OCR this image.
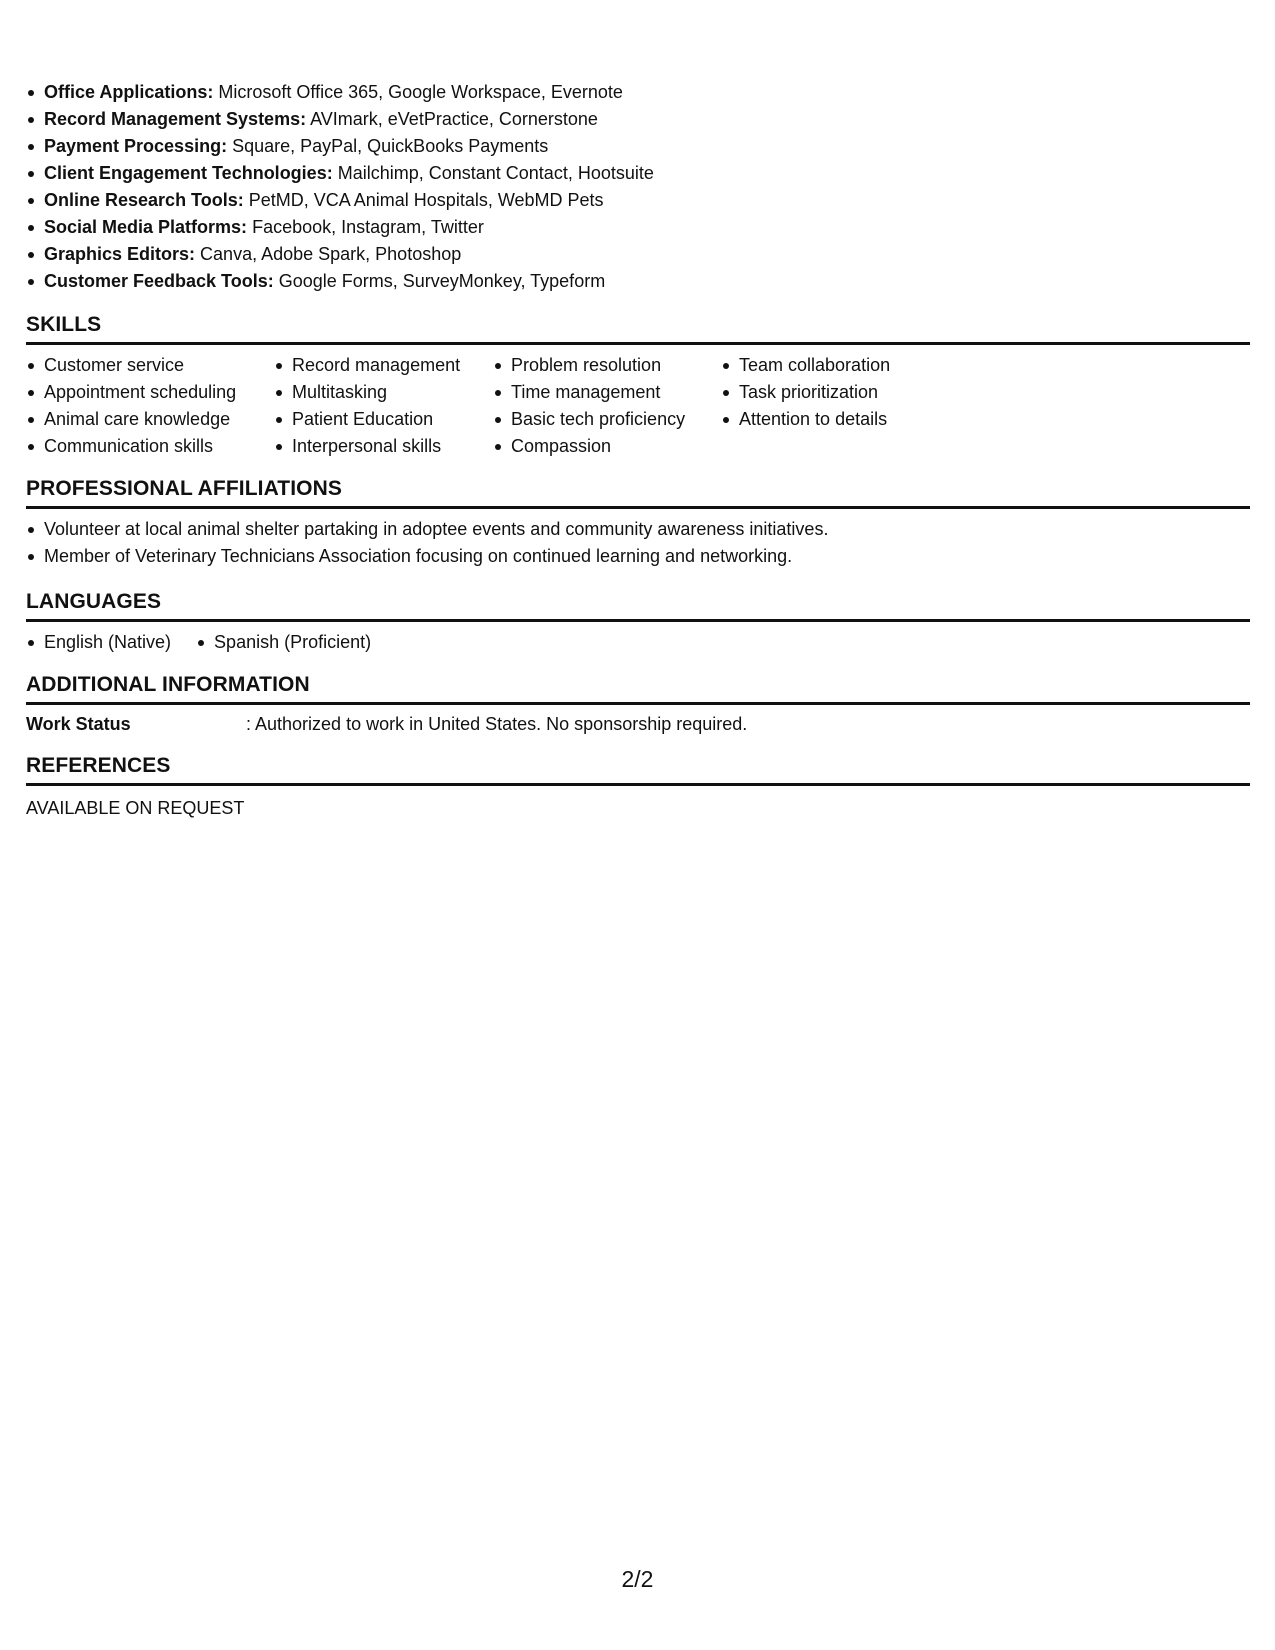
Office Applications: Microsoft Office 365, Google Workspace, Evernote
Record Management Systems: AVImark, eVetPractice, Cornerstone
Payment Processing: Square, PayPal, QuickBooks Payments
Client Engagement Technologies: Mailchimp, Constant Contact, Hootsuite
Online Research Tools: PetMD, VCA Animal Hospitals, WebMD Pets
Social Media Platforms: Facebook, Instagram, Twitter
Graphics Editors: Canva, Adobe Spark, Photoshop
Customer Feedback Tools: Google Forms, SurveyMonkey, Typeform
SKILLS
Customer service
Appointment scheduling
Animal care knowledge
Communication skills
Record management
Multitasking
Patient Education
Interpersonal skills
Problem resolution
Time management
Basic tech proficiency
Compassion
Team collaboration
Task prioritization
Attention to details
PROFESSIONAL AFFILIATIONS
Volunteer at local animal shelter partaking in adoptee events and community awareness initiatives.
Member of Veterinary Technicians Association focusing on continued learning and networking.
LANGUAGES
English (Native)	Spanish (Proficient)
ADDITIONAL INFORMATION
Work Status	: Authorized to work in United States. No sponsorship required.
REFERENCES
AVAILABLE ON REQUEST
2/2
